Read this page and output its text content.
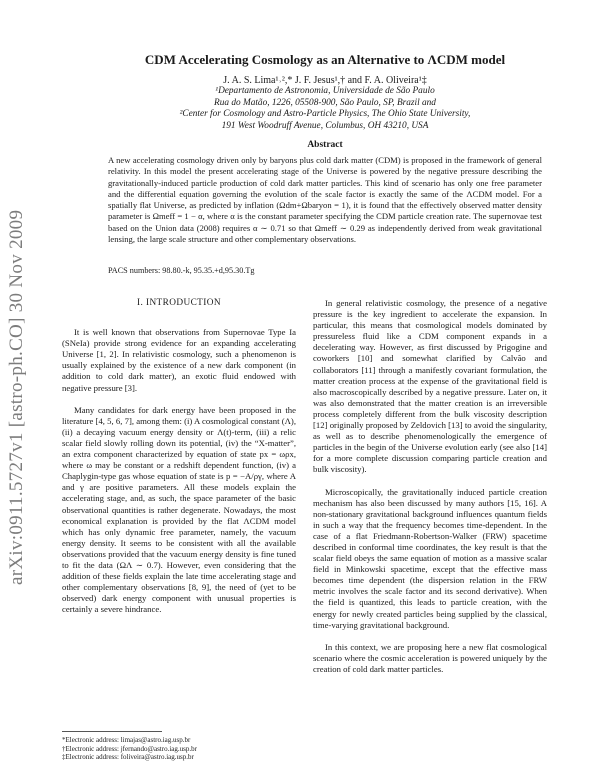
arXiv:0911.5727v1 [astro-ph.CO] 30 Nov 2009
CDM Accelerating Cosmology as an Alternative to ΛCDM model
J. A. S. Lima¹˒²,* J. F. Jesus¹,† and F. A. Oliveira¹‡
¹Departamento de Astronomia, Universidade de São Paulo
Rua do Matão, 1226, 05508-900, São Paulo, SP, Brazil and
²Center for Cosmology and Astro-Particle Physics, The Ohio State University,
191 West Woodruff Avenue, Columbus, OH 43210, USA
Abstract
A new accelerating cosmology driven only by baryons plus cold dark matter (CDM) is proposed in the framework of general relativity. In this model the present accelerating stage of the Universe is powered by the negative pressure describing the gravitationally-induced particle production of cold dark matter particles. This kind of scenario has only one free parameter and the differential equation governing the evolution of the scale factor is exactly the same of the ΛCDM model. For a spatially flat Universe, as predicted by inflation (Ωdm+Ωbaryon = 1), it is found that the effectively observed matter density parameter is Ωmeff = 1 − α, where α is the constant parameter specifying the CDM particle creation rate. The supernovae test based on the Union data (2008) requires α ∼ 0.71 so that Ωmeff ∼ 0.29 as independently derived from weak gravitational lensing, the large scale structure and other complementary observations.
PACS numbers: 98.80.-k, 95.35.+d,95.30.Tg
I. INTRODUCTION

It is well known that observations from Supernovae Type Ia (SNeIa) provide strong evidence for an expanding accelerating Universe [1, 2]. In relativistic cosmology, such a phenomenon is usually explained by the existence of a new dark component (in addition to cold dark matter), an exotic fluid endowed with negative pressure [3].

Many candidates for dark energy have been proposed in the literature [4, 5, 6, 7], among them: (i) A cosmological constant (Λ), (ii) a decaying vacuum energy density or Λ(t)-term, (iii) a relic scalar field slowly rolling down its potential, (iv) the “X-matter”, an extra component characterized by equation of state px = ωρx, where ω may be constant or a redshift dependent function, (iv) a Chaplygin-type gas whose equation of state is p = −A/ργ, where A and γ are positive parameters. All these models explain the accelerating stage, and, as such, the space parameter of the basic observational quantities is rather degenerate. Nowadays, the most economical explanation is provided by the flat ΛCDM model which has only dynamic free parameter, namely, the vacuum energy density. It seems to be consistent with all the available observations provided that the vacuum energy density is fine tuned to fit the data (ΩΛ ∼ 0.7). However, even considering that the addition of these fields explain the late time accelerating stage and other complementary observations [8, 9], the need of (yet to be observed) dark energy component with unusual properties is certainly a severe hindrance.

In general relativistic cosmology, the presence of a negative pressure is the key ingredient to accelerate the expansion. In particular, this means that cosmological models dominated by pressureless fluid like a CDM component expands in a decelerating way. However, as first discussed by Prigogine and coworkers [10] and somewhat clarified by Calvão and collaborators [11] through a manifestly covariant formulation, the matter creation process at the expense of the gravitational field is also macroscopically described by a negative pressure. Later on, it was also demonstrated that the matter creation is an irreversible process completely different from the bulk viscosity description [12] originally proposed by Zeldovich [13] to avoid the singularity, as well as to describe phenomenologically the emergence of particles in the begin of the Universe evolution early (see also [14] for a more complete discussion comparing particle creation and bulk viscosity).

Microscopically, the gravitationally induced particle creation mechanism has also been discussed by many authors [15, 16]. A non-stationary gravitational background influences quantum fields in such a way that the frequency becomes time-dependent. In the case of a flat Friedmann-Robertson-Walker (FRW) spacetime described in conformal time coordinates, the key result is that the scalar field obeys the same equation of motion as a massive scalar field in Minkowski spacetime, except that the effective mass becomes time dependent (the dispersion relation in the FRW metric involves the scale factor and its second derivative). When the field is quantized, this leads to particle creation, with the energy for newly created particles being supplied by the classical, time-varying gravitational background.

In this context, we are proposing here a new flat cosmological scenario where the cosmic acceleration is powered uniquely by the creation of cold dark matter particles.

*Electronic address: limajas@astro.iag.usp.br
†Electronic address: jfernando@astro.iag.usp.br
‡Electronic address: foliveira@astro.iag.usp.br
